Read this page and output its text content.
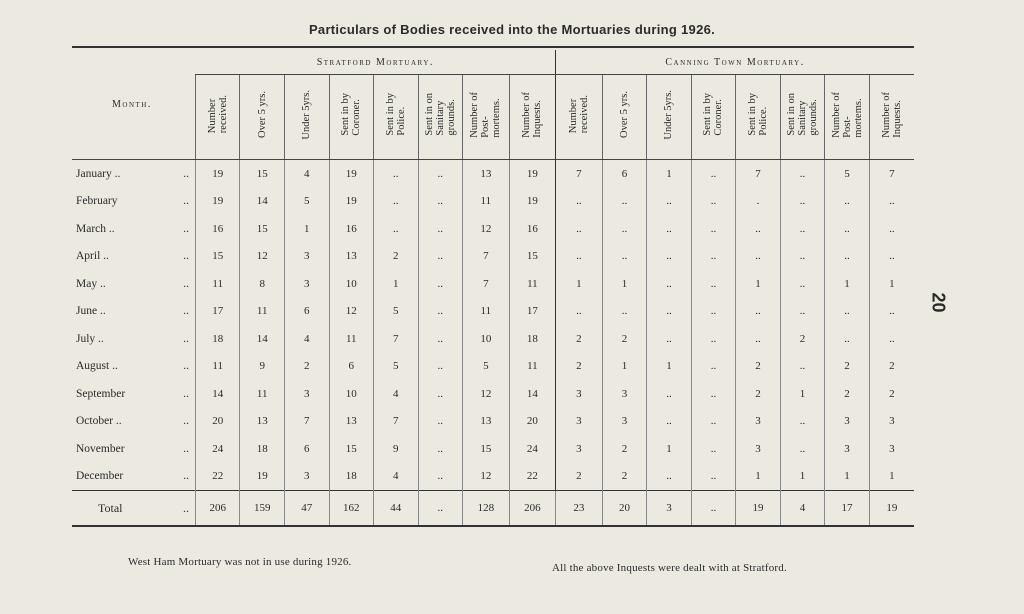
Particulars of Bodies received into the Mortuaries during 1926.
20

Month.	Stratford Mortuary.								Canning Town Mortuary.							
	Number
received.	Over 5 yrs.	Under 5yrs.	Sent in by
Coroner.	Sent in by
Police.	Sent in on
Sanitary
grounds.	Number of
Post-
mortems.	Number of
Inquests.	Number
received.	Over 5 yrs.	Under 5yrs.	Sent in by
Coroner.	Sent in by
Police.	Sent in on
Sanitary
grounds.	Number of
Post-
mortems.	Number of
Inquests.
January .. ..	19	15	4	19	..	..	13	19	7	6	1	..	7	..	5	7
February ..	19	14	5	19	..	..	11	19	..	..	..	..	.	..	..	..
March .. ..	16	15	1	16	..	..	12	16	..	..	..	..	..	..	..	..
April .. ..	15	12	3	13	2	..	7	15	..	..	..	..	..	..	..	..
May .. ..	11	8	3	10	1	..	7	11	1	1	..	..	1	..	1	1
June .. ..	17	11	6	12	5	..	11	17	..	..	..	..	..	..	..	..
July .. ..	18	14	4	11	7	..	10	18	2	2	..	..	..	2	..	..
August .. ..	11	9	2	6	5	..	5	11	2	1	1	..	2	..	2	2
September ..	14	11	3	10	4	..	12	14	3	3	..	..	2	1	2	2
October .. ..	20	13	7	13	7	..	13	20	3	3	..	..	3	..	3	3
November ..	24	18	6	15	9	..	15	24	3	2	1	..	3	..	3	3
December ..	22	19	3	18	4	..	12	22	2	2	..	..	1	1	1	1
Total ..	206	159	47	162	44	..	128	206	23	20	3	..	19	4	17	19
West Ham Mortuary was not in use during 1926.	All the above Inquests were dealt with at Stratford.
